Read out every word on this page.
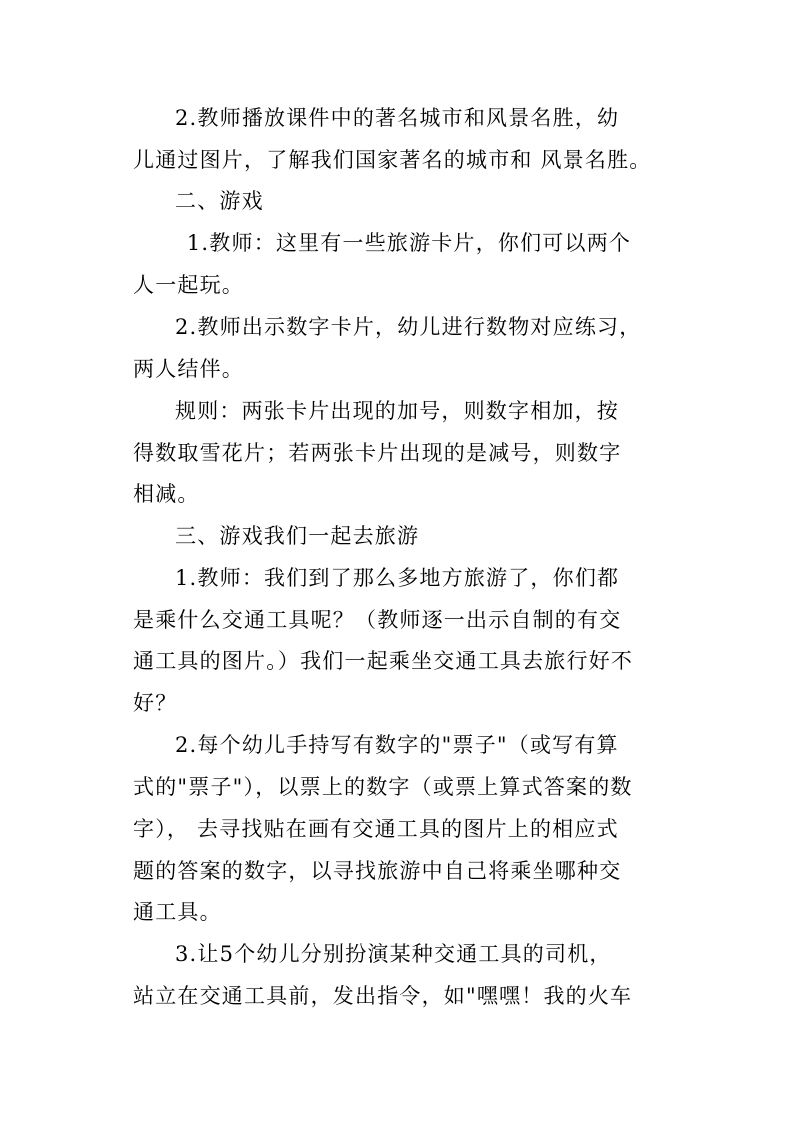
2.教师播放课件中的著名城市和风景名胜，幼
儿通过图片，了解我们国家著名的城市和 风景名胜。
二、游戏
1.教师：这里有一些旅游卡片，你们可以两个
人一起玩。
2.教师出示数字卡片，幼儿进行数物对应练习，
两人结伴。
规则：两张卡片出现的加号，则数字相加，按
得数取雪花片；若两张卡片出现的是减号，则数字
相减。
三、游戏我们一起去旅游
1.教师：我们到了那么多地方旅游了，你们都
是乘什么交通工具呢？（教师逐一出示自制的有交
通工具的图片。）我们一起乘坐交通工具去旅行好不
好？
2.每个幼儿手持写有数字的"票子"（或写有算
式的"票子"），以票上的数字（或票上算式答案的数
字）， 去寻找贴在画有交通工具的图片上的相应式
题的答案的数字，以寻找旅游中自己将乘坐哪种交
通工具。
3.让5个幼儿分别扮演某种交通工具的司机，
站立在交通工具前，发出指令，如"嘿嘿！我的火车
